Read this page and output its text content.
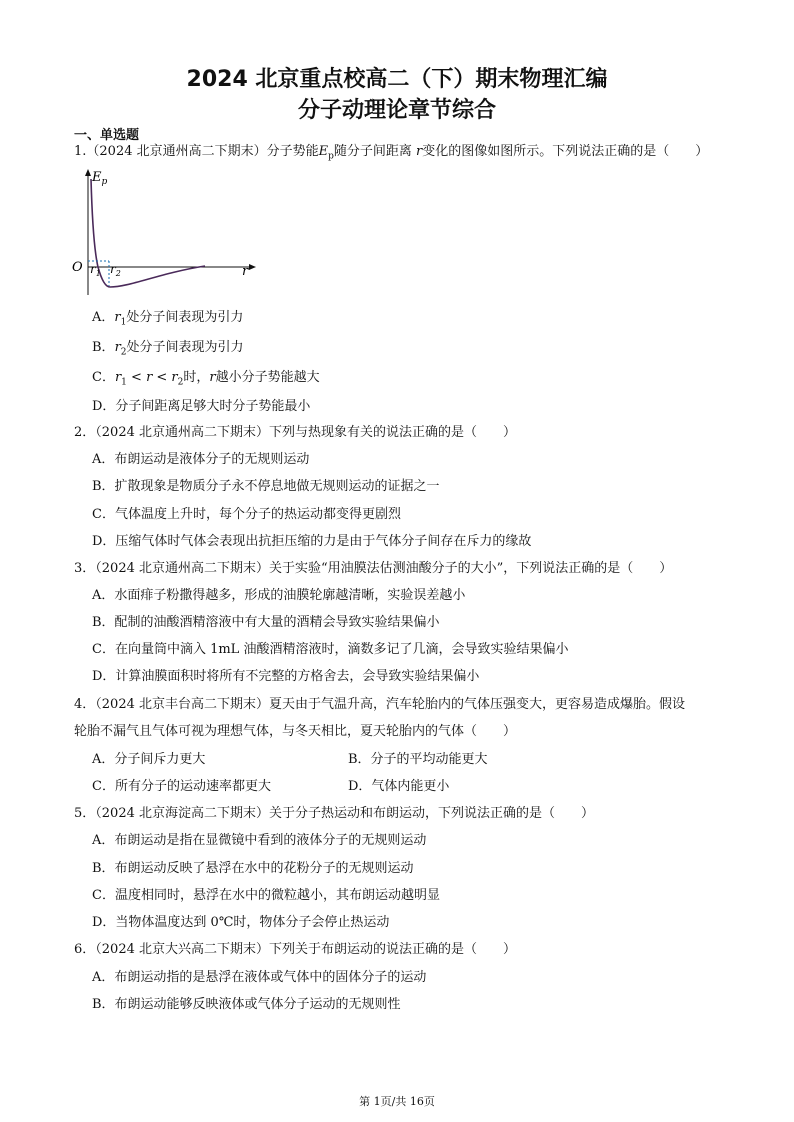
2024 北京重点校高二（下）期末物理汇编
分子动理论章节综合
一、单选题
1.（2024 北京通州高二下期末）分子势能$E_p$随分子间距离 r变化的图像如图所示。下列说法正确的是（　　）
$E_p$
O $r_1$ $r_2$	r
A．$r_1$处分子间表现为引力
B．$r_2$处分子间表现为引力
C．$r_1 < r < r_2$时，r越小分子势能越大
D．分子间距离足够大时分子势能最小
2．（2024 北京通州高二下期末）下列与热现象有关的说法正确的是（　　）
A．布朗运动是液体分子的无规则运动
B．扩散现象是物质分子永不停息地做无规则运动的证据之一
C．气体温度上升时，每个分子的热运动都变得更剧烈
D．压缩气体时气体会表现出抗拒压缩的力是由于气体分子间存在斥力的缘故
3．（2024 北京通州高二下期末）关于实验“用油膜法估测油酸分子的大小”，下列说法正确的是（　　）
A．水面痱子粉撒得越多，形成的油膜轮廓越清晰，实验误差越小
B．配制的油酸酒精溶液中有大量的酒精会导致实验结果偏小
C．在向量筒中滴入 1mL 油酸酒精溶液时，滴数多记了几滴，会导致实验结果偏小
D．计算油膜面积时将所有不完整的方格舍去，会导致实验结果偏小
4．（2024 北京丰台高二下期末）夏天由于气温升高，汽车轮胎内的气体压强变大，更容易造成爆胎。假设
轮胎不漏气且气体可视为理想气体，与冬天相比，夏天轮胎内的气体（　　）
A．分子间斥力更大	B．分子的平均动能更大
C．所有分子的运动速率都更大	D．气体内能更小
5．（2024 北京海淀高二下期末）关于分子热运动和布朗运动，下列说法正确的是（　　）
A．布朗运动是指在显微镜中看到的液体分子的无规则运动
B．布朗运动反映了悬浮在水中的花粉分子的无规则运动
C．温度相同时，悬浮在水中的微粒越小，其布朗运动越明显
D．当物体温度达到 0℃时，物体分子会停止热运动
6．（2024 北京大兴高二下期末）下列关于布朗运动的说法正确的是（　　）
A．布朗运动指的是悬浮在液体或气体中的固体分子的运动
B．布朗运动能够反映液体或气体分子运动的无规则性
第 1页/共 16页
